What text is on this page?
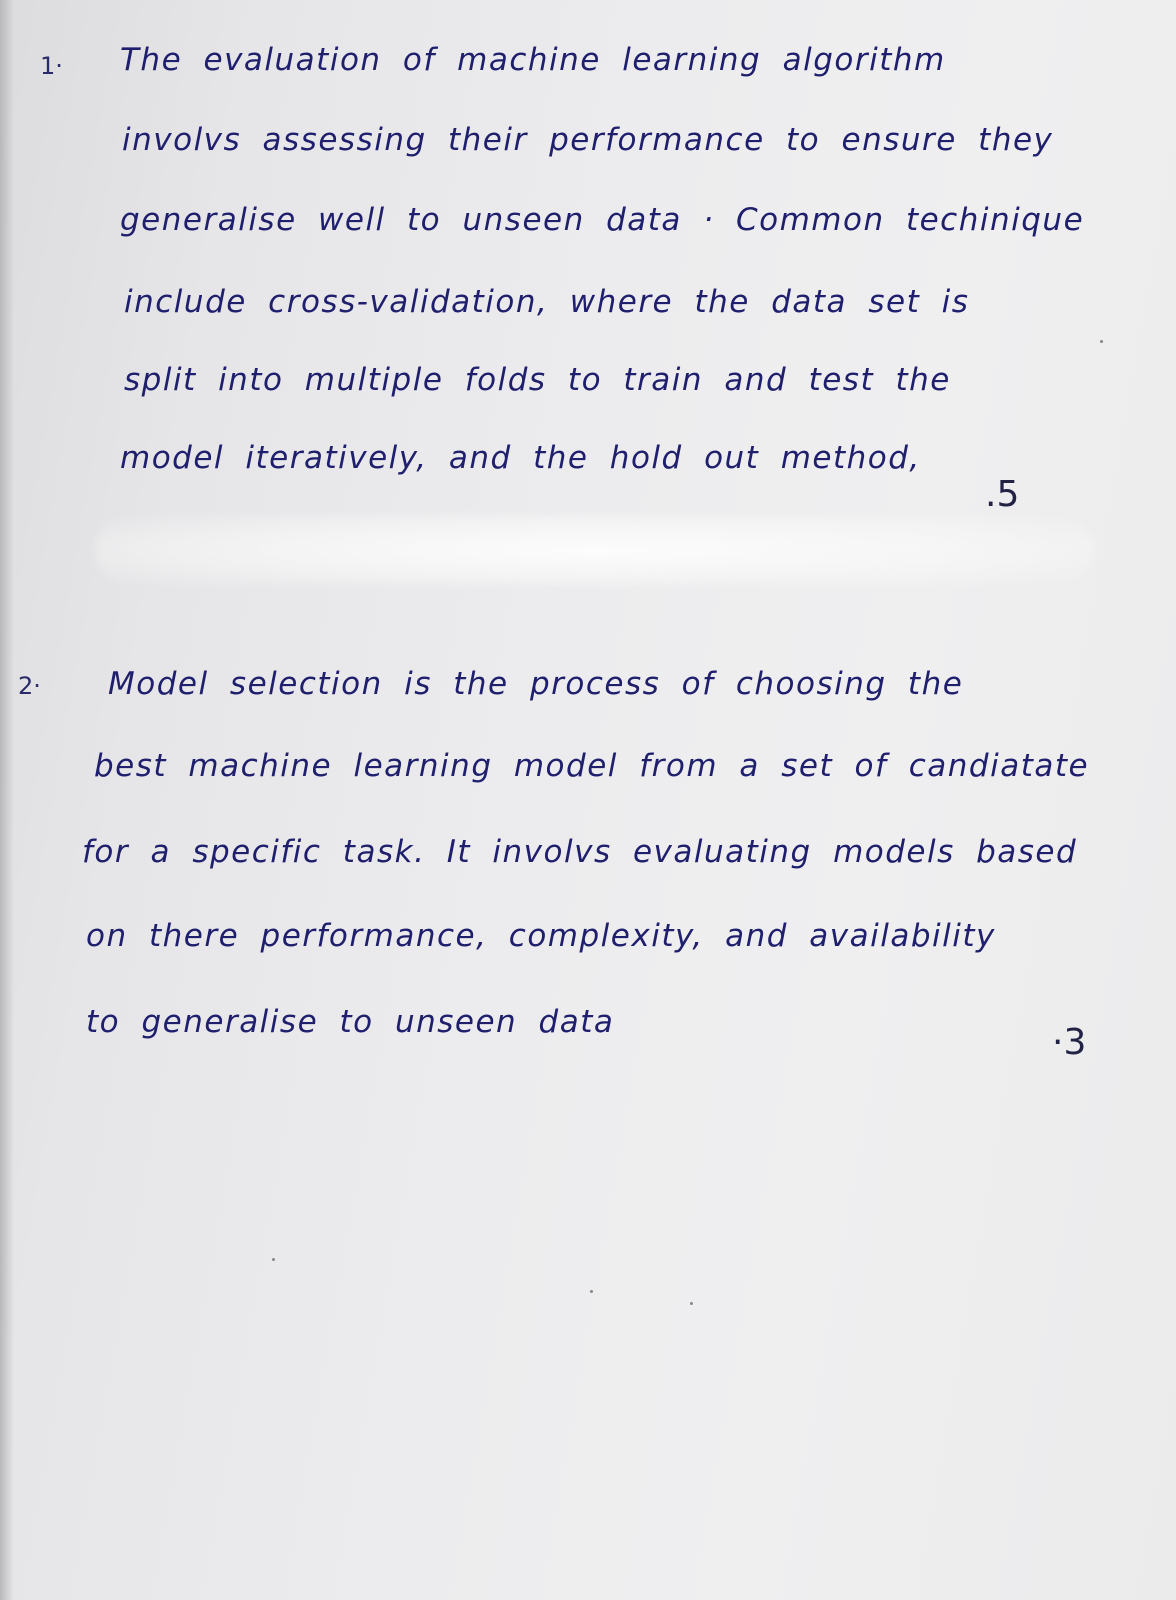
1· The evaluation of machine learning algorithm
involvs assessing their performance to ensure they
generalise well to unseen data · Common techinique
include cross-validation, where the data set is
split into multiple folds to train and test the
model iteratively, and the hold out method,
.5
2· Model selection is the process of choosing the
best machine learning model from a set of candiatate
for a specific task. It involvs evaluating models based
on there performance, complexity, and availability
to generalise to unseen data	·3
